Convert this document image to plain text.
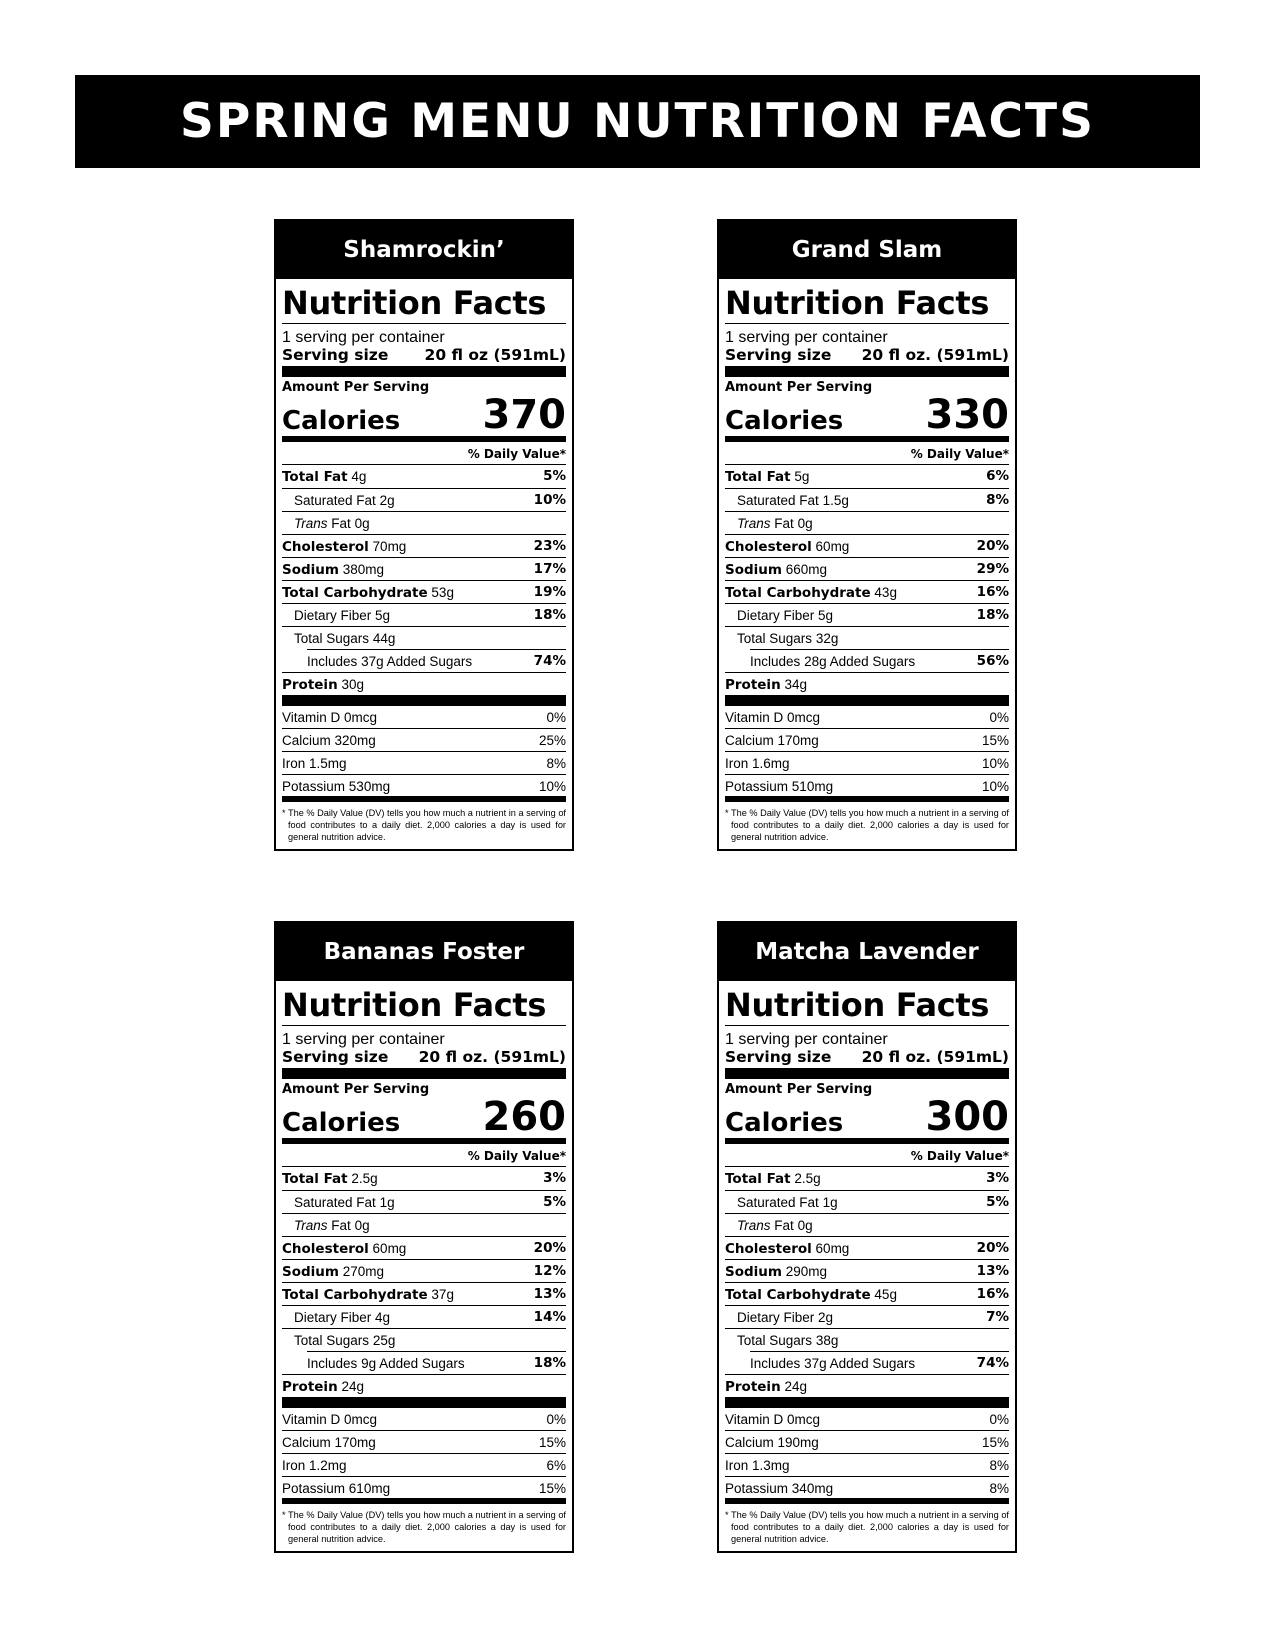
SPRING MENU NUTRITION FACTS
Shamrockin’
Nutrition Facts
1 serving per container
Serving size 20 fl oz (591mL)
Amount Per Serving
Calories 370
% Daily Value*
Total Fat 4g	5%
Saturated Fat 2g	10%
Trans Fat 0g
Cholesterol 70mg	23%
Sodium 380mg	17%
Total Carbohydrate 53g	19%
Dietary Fiber 5g	18%
Total Sugars 44g
Includes 37g Added Sugars	74%
Protein 30g
Vitamin D 0mcg	0%
Calcium 320mg	25%
Iron 1.5mg	8%
Potassium 530mg	10%
* The % Daily Value (DV) tells you how much a nutrient in a serving of food contributes to a daily diet. 2,000 calories a day is used for general nutrition advice.
Grand Slam
Nutrition Facts
1 serving per container
Serving size 20 fl oz. (591mL)
Amount Per Serving
Calories 330
% Daily Value*
Total Fat 5g	6%
Saturated Fat 1.5g	8%
Trans Fat 0g
Cholesterol 60mg	20%
Sodium 660mg	29%
Total Carbohydrate 43g	16%
Dietary Fiber 5g	18%
Total Sugars 32g
Includes 28g Added Sugars	56%
Protein 34g
Vitamin D 0mcg	0%
Calcium 170mg	15%
Iron 1.6mg	10%
Potassium 510mg	10%
* The % Daily Value (DV) tells you how much a nutrient in a serving of food contributes to a daily diet. 2,000 calories a day is used for general nutrition advice.
Bananas Foster
Nutrition Facts
1 serving per container
Serving size 20 fl oz. (591mL)
Amount Per Serving
Calories 260
% Daily Value*
Total Fat 2.5g	3%
Saturated Fat 1g	5%
Trans Fat 0g
Cholesterol 60mg	20%
Sodium 270mg	12%
Total Carbohydrate 37g	13%
Dietary Fiber 4g	14%
Total Sugars 25g
Includes 9g Added Sugars	18%
Protein 24g
Vitamin D 0mcg	0%
Calcium 170mg	15%
Iron 1.2mg	6%
Potassium 610mg	15%
* The % Daily Value (DV) tells you how much a nutrient in a serving of food contributes to a daily diet. 2,000 calories a day is used for general nutrition advice.
Matcha Lavender
Nutrition Facts
1 serving per container
Serving size 20 fl oz. (591mL)
Amount Per Serving
Calories 300
% Daily Value*
Total Fat 2.5g	3%
Saturated Fat 1g	5%
Trans Fat 0g
Cholesterol 60mg	20%
Sodium 290mg	13%
Total Carbohydrate 45g	16%
Dietary Fiber 2g	7%
Total Sugars 38g
Includes 37g Added Sugars	74%
Protein 24g
Vitamin D 0mcg	0%
Calcium 190mg	15%
Iron 1.3mg	8%
Potassium 340mg	8%
* The % Daily Value (DV) tells you how much a nutrient in a serving of food contributes to a daily diet. 2,000 calories a day is used for general nutrition advice.
